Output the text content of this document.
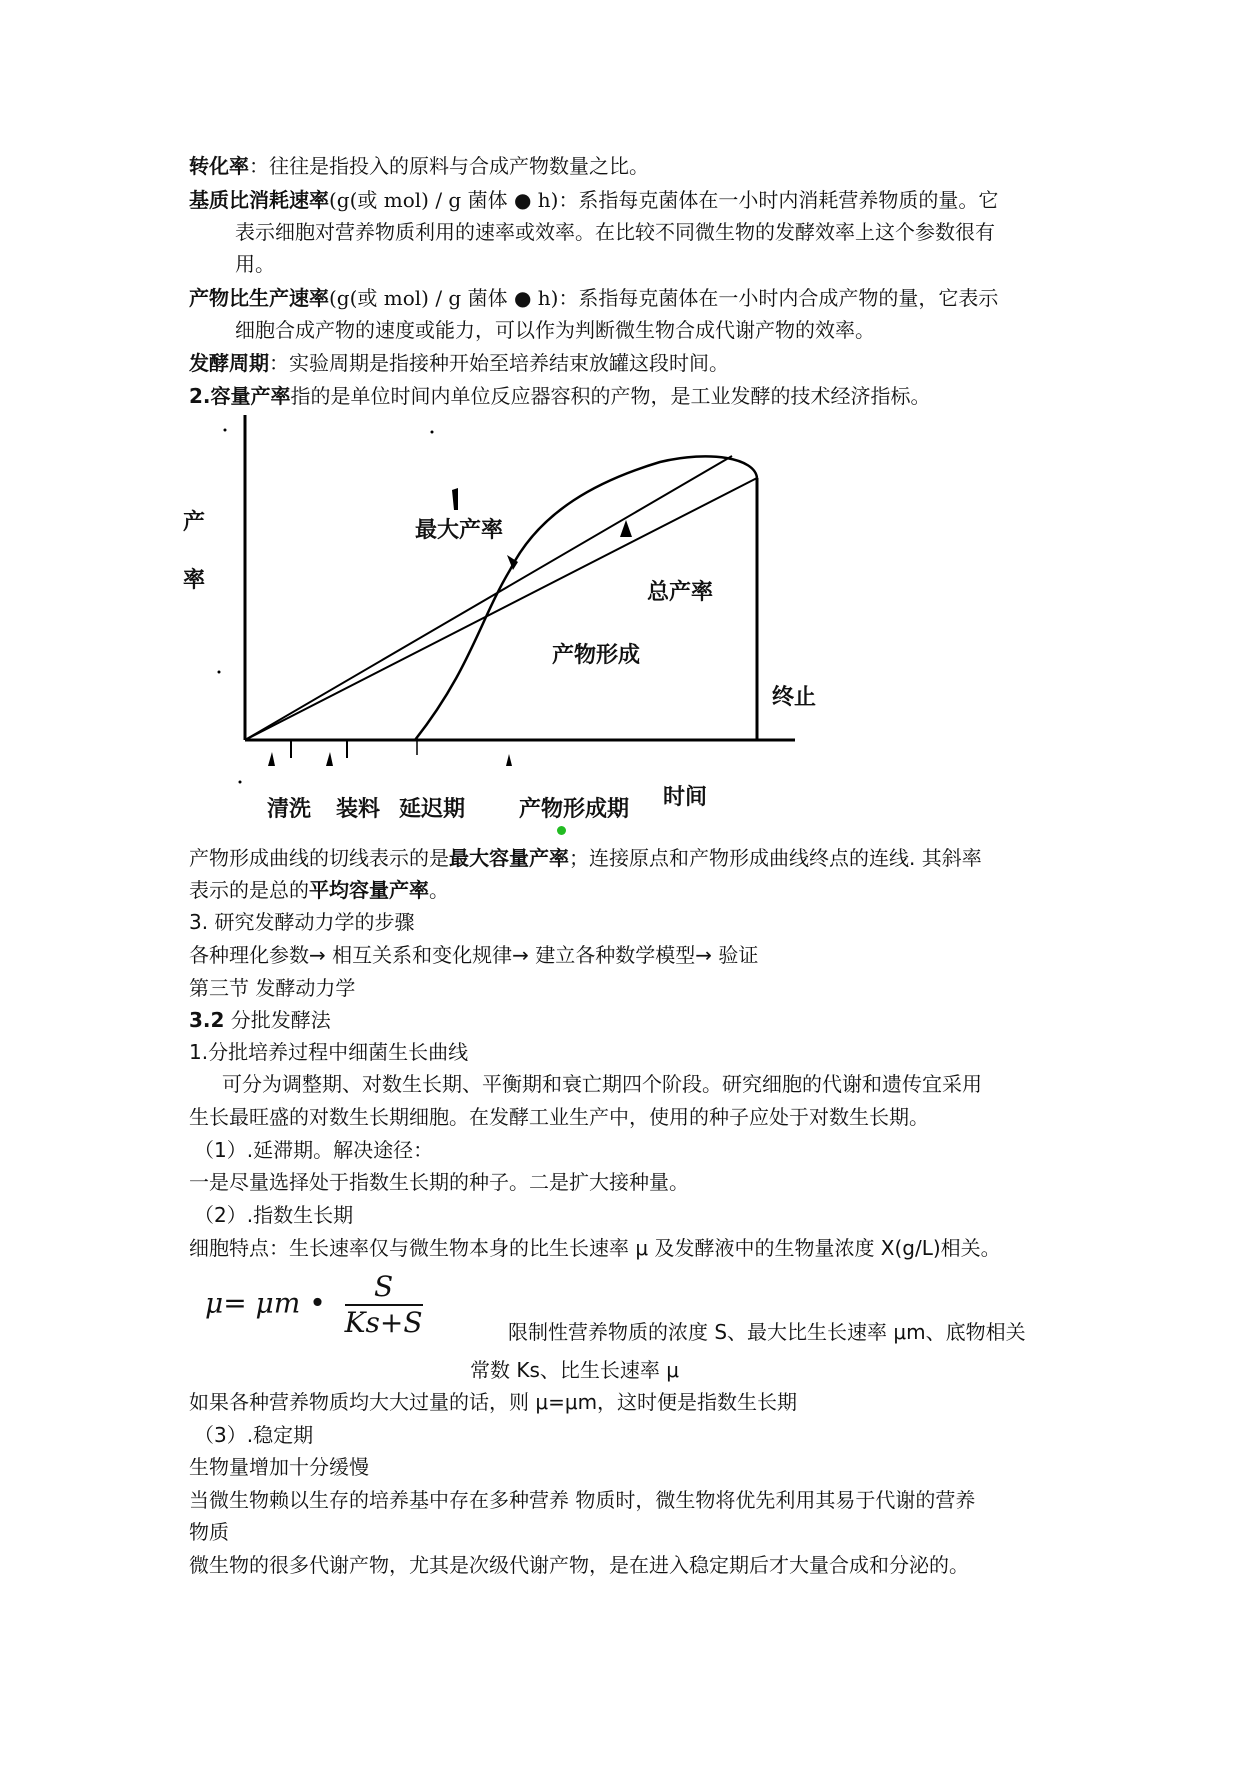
转化率：往往是指投入的原料与合成产物数量之比。
基质比消耗速率(g(或 mol) / g 菌体 ● h)：系指每克菌体在一小时内消耗营养物质的量。它
表示细胞对营养物质利用的速率或效率。在比较不同微生物的发酵效率上这个参数很有
用。
产物比生产速率(g(或 mol) / g 菌体 ● h)：系指每克菌体在一小时内合成产物的量，它表示
细胞合成产物的速度或能力，可以作为判断微生物合成代谢产物的效率。
发酵周期：实验周期是指接种开始至培养结束放罐这段时间。
2.容量产率指的是单位时间内单位反应器容积的产物，是工业发酵的技术经济指标。
产
率
最大产率
总产率
产物形成
终止
时间
清洗 装料 延迟期 产物形成期
产物形成曲线的切线表示的是最大容量产率；连接原点和产物形成曲线终点的连线. 其斜率
表示的是总的平均容量产率。
3. 研究发酵动力学的步骤
各种理化参数→ 相互关系和变化规律→ 建立各种数学模型→ 验证
第三节 发酵动力学
3.2 分批发酵法
1.分批培养过程中细菌生长曲线
可分为调整期、对数生长期、平衡期和衰亡期四个阶段。研究细胞的代谢和遗传宜采用
生长最旺盛的对数生长期细胞。在发酵工业生产中，使用的种子应处于对数生长期。
（1）.延滞期。解决途径：
一是尽量选择处于指数生长期的种子。二是扩大接种量。
（2）.指数生长期
细胞特点：生长速率仅与微生物本身的比生长速率 μ 及发酵液中的生物量浓度 X(g/L)相关。
μ= μm • $\frac{S}{Ks+S}$	限制性营养物质的浓度 S、最大比生长速率 μm、底物相关
常数 Ks、比生长速率 μ
如果各种营养物质均大大过量的话，则 μ=μm，这时便是指数生长期
（3）.稳定期
生物量增加十分缓慢
当微生物赖以生存的培养基中存在多种营养 物质时，微生物将优先利用其易于代谢的营养
物质
微生物的很多代谢产物，尤其是次级代谢产物，是在进入稳定期后才大量合成和分泌的。
